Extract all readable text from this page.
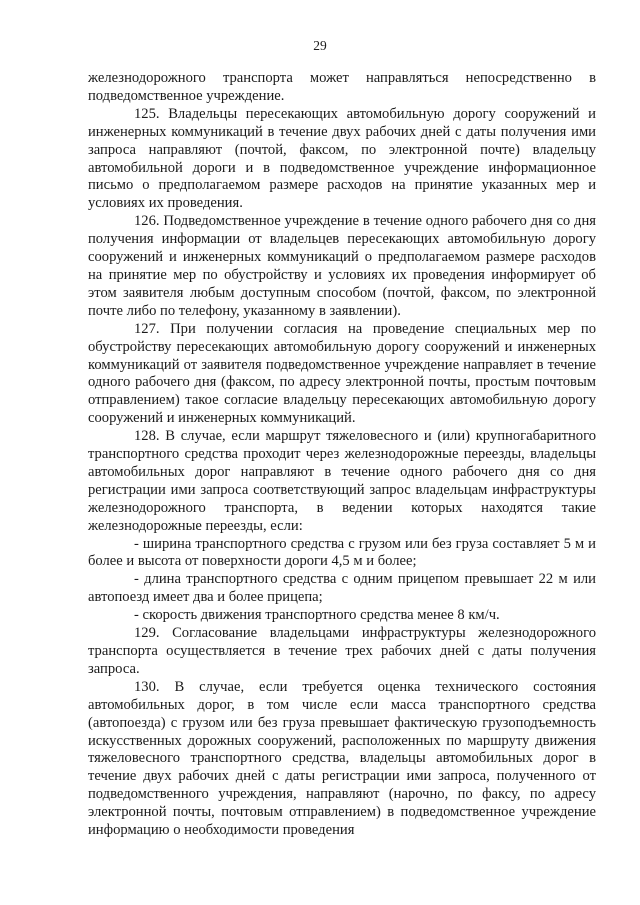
29

железнодорожного транспорта может направляться непосредственно в подведомственное учреждение.

125. Владельцы пересекающих автомобильную дорогу сооружений и инженерных коммуникаций в течение двух рабочих дней с даты получения ими запроса направляют (почтой, факсом, по электронной почте) владельцу автомобильной дороги и в подведомственное учреждение информационное письмо о предполагаемом размере расходов на принятие указанных мер и условиях их проведения.

126. Подведомственное учреждение в течение одного рабочего дня со дня получения информации от владельцев пересекающих автомобильную дорогу сооружений и инженерных коммуникаций о предполагаемом размере расходов на принятие мер по обустройству и условиях их проведения информирует об этом заявителя любым доступным способом (почтой, факсом, по электронной почте либо по телефону, указанному в заявлении).

127. При получении согласия на проведение специальных мер по обустройству пересекающих автомобильную дорогу сооружений и инженерных коммуникаций от заявителя подведомственное учреждение направляет в течение одного рабочего дня (факсом, по адресу электронной почты, простым почтовым отправлением) такое согласие владельцу пересекающих автомобильную дорогу сооружений и инженерных коммуникаций.

128. В случае, если маршрут тяжеловесного и (или) крупногабаритного транспортного средства проходит через железнодорожные переезды, владельцы автомобильных дорог направляют в течение одного рабочего дня со дня регистрации ими запроса соответствующий запрос владельцам инфраструктуры железнодорожного транспорта, в ведении которых находятся такие железнодорожные переезды, если:

- ширина транспортного средства с грузом или без груза составляет 5 м и более и высота от поверхности дороги 4,5 м и более;

- длина транспортного средства с одним прицепом превышает 22 м или автопоезд имеет два и более прицепа;

- скорость движения транспортного средства менее 8 км/ч.

129. Согласование владельцами инфраструктуры железнодорожного транспорта осуществляется в течение трех рабочих дней с даты получения запроса.

130. В случае, если требуется оценка технического состояния автомобильных дорог, в том числе если масса транспортного средства (автопоезда) с грузом или без груза превышает фактическую грузоподъемность искусственных дорожных сооружений, расположенных по маршруту движения тяжеловесного транспортного средства, владельцы автомобильных дорог в течение двух рабочих дней с даты регистрации ими запроса, полученного от подведомственного учреждения, направляют (нарочно, по факсу, по адресу электронной почты, почтовым отправлением) в подведомственное учреждение информацию о необходимости проведения
